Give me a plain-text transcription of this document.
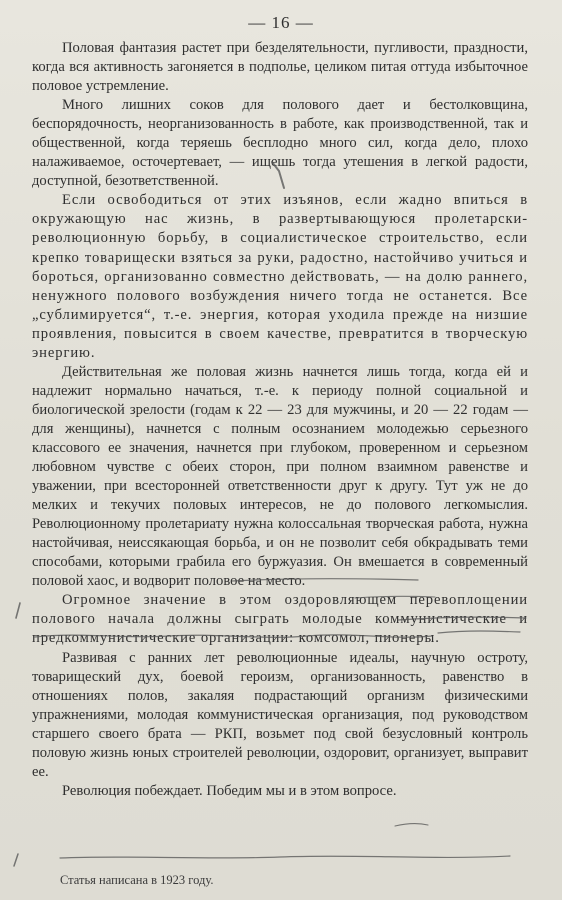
— 16 —

Половая фантазия растет при безделятельности, пугливости, праздности, когда вся активность загоняется в подполье, целиком питая оттуда избыточное половое устремление.

Много лишних соков для полового дает и бестолковщина, беспорядочность, неорганизованность в работе, как производственной, так и общественной, когда теряешь бесплодно много сил, когда дело, плохо налаживаемое, осточертевает, — ищешь тогда утешения в легкой радости, доступной, безответственной.

Если освободиться от этих изъянов, если жадно впиться в окружающую нас жизнь, в развертывающуюся пролетарски-революционную борьбу, в социалистическое строительство, если крепко товарищески взяться за руки, радостно, настойчиво учиться и бороться, организованно совместно действовать, — на долю раннего, ненужного полового возбуждения ничего тогда не останется. Все „сублимируется“, т.-е. энергия, которая уходила прежде на низшие проявления, повысится в своем качестве, превратится в творческую энергию.

Действительная же половая жизнь начнется лишь тогда, когда ей и надлежит нормально начаться, т.-е. к периоду полной социальной и биологической зрелости (годам к 22 — 23 для мужчины, и 20 — 22 годам — для женщины), начнется с полным осознанием молодежью серьезного классового ее значения, начнется при глубоком, проверенном и серьезном любовном чувстве с обеих сторон, при полном взаимном равенстве и уважении, при всесторонней ответственности друг к другу. Тут уж не до мелких и текучих половых интересов, не до полового легкомыслия. Революционному пролетариату нужна колоссальная творческая работа, нужна настойчивая, неиссякающая борьба, и он не позволит себя обкрадывать теми способами, которыми грабила его буржуазия. Он вмешается в современный половой хаос, и водворит половое на место.

Огромное значение в этом оздоровляющем перевоплощении полового начала должны сыграть молодые коммунистические и предкоммунистические организации: комсомол, пионеры.

Развивая с ранних лет революционные идеалы, научную остроту, товарищеский дух, боевой героизм, организованность, равенство в отношениях полов, закаляя подрастающий организм физическими упражнениями, молодая коммунистическая организация, под руководством старшего своего брата — РКП, возьмет под свой безусловный контроль половую жизнь юных строителей революции, оздоровит, организует, выправит ее.

Революция побеждает. Победим мы и в этом вопросе.

Статья написана в 1923 году.
